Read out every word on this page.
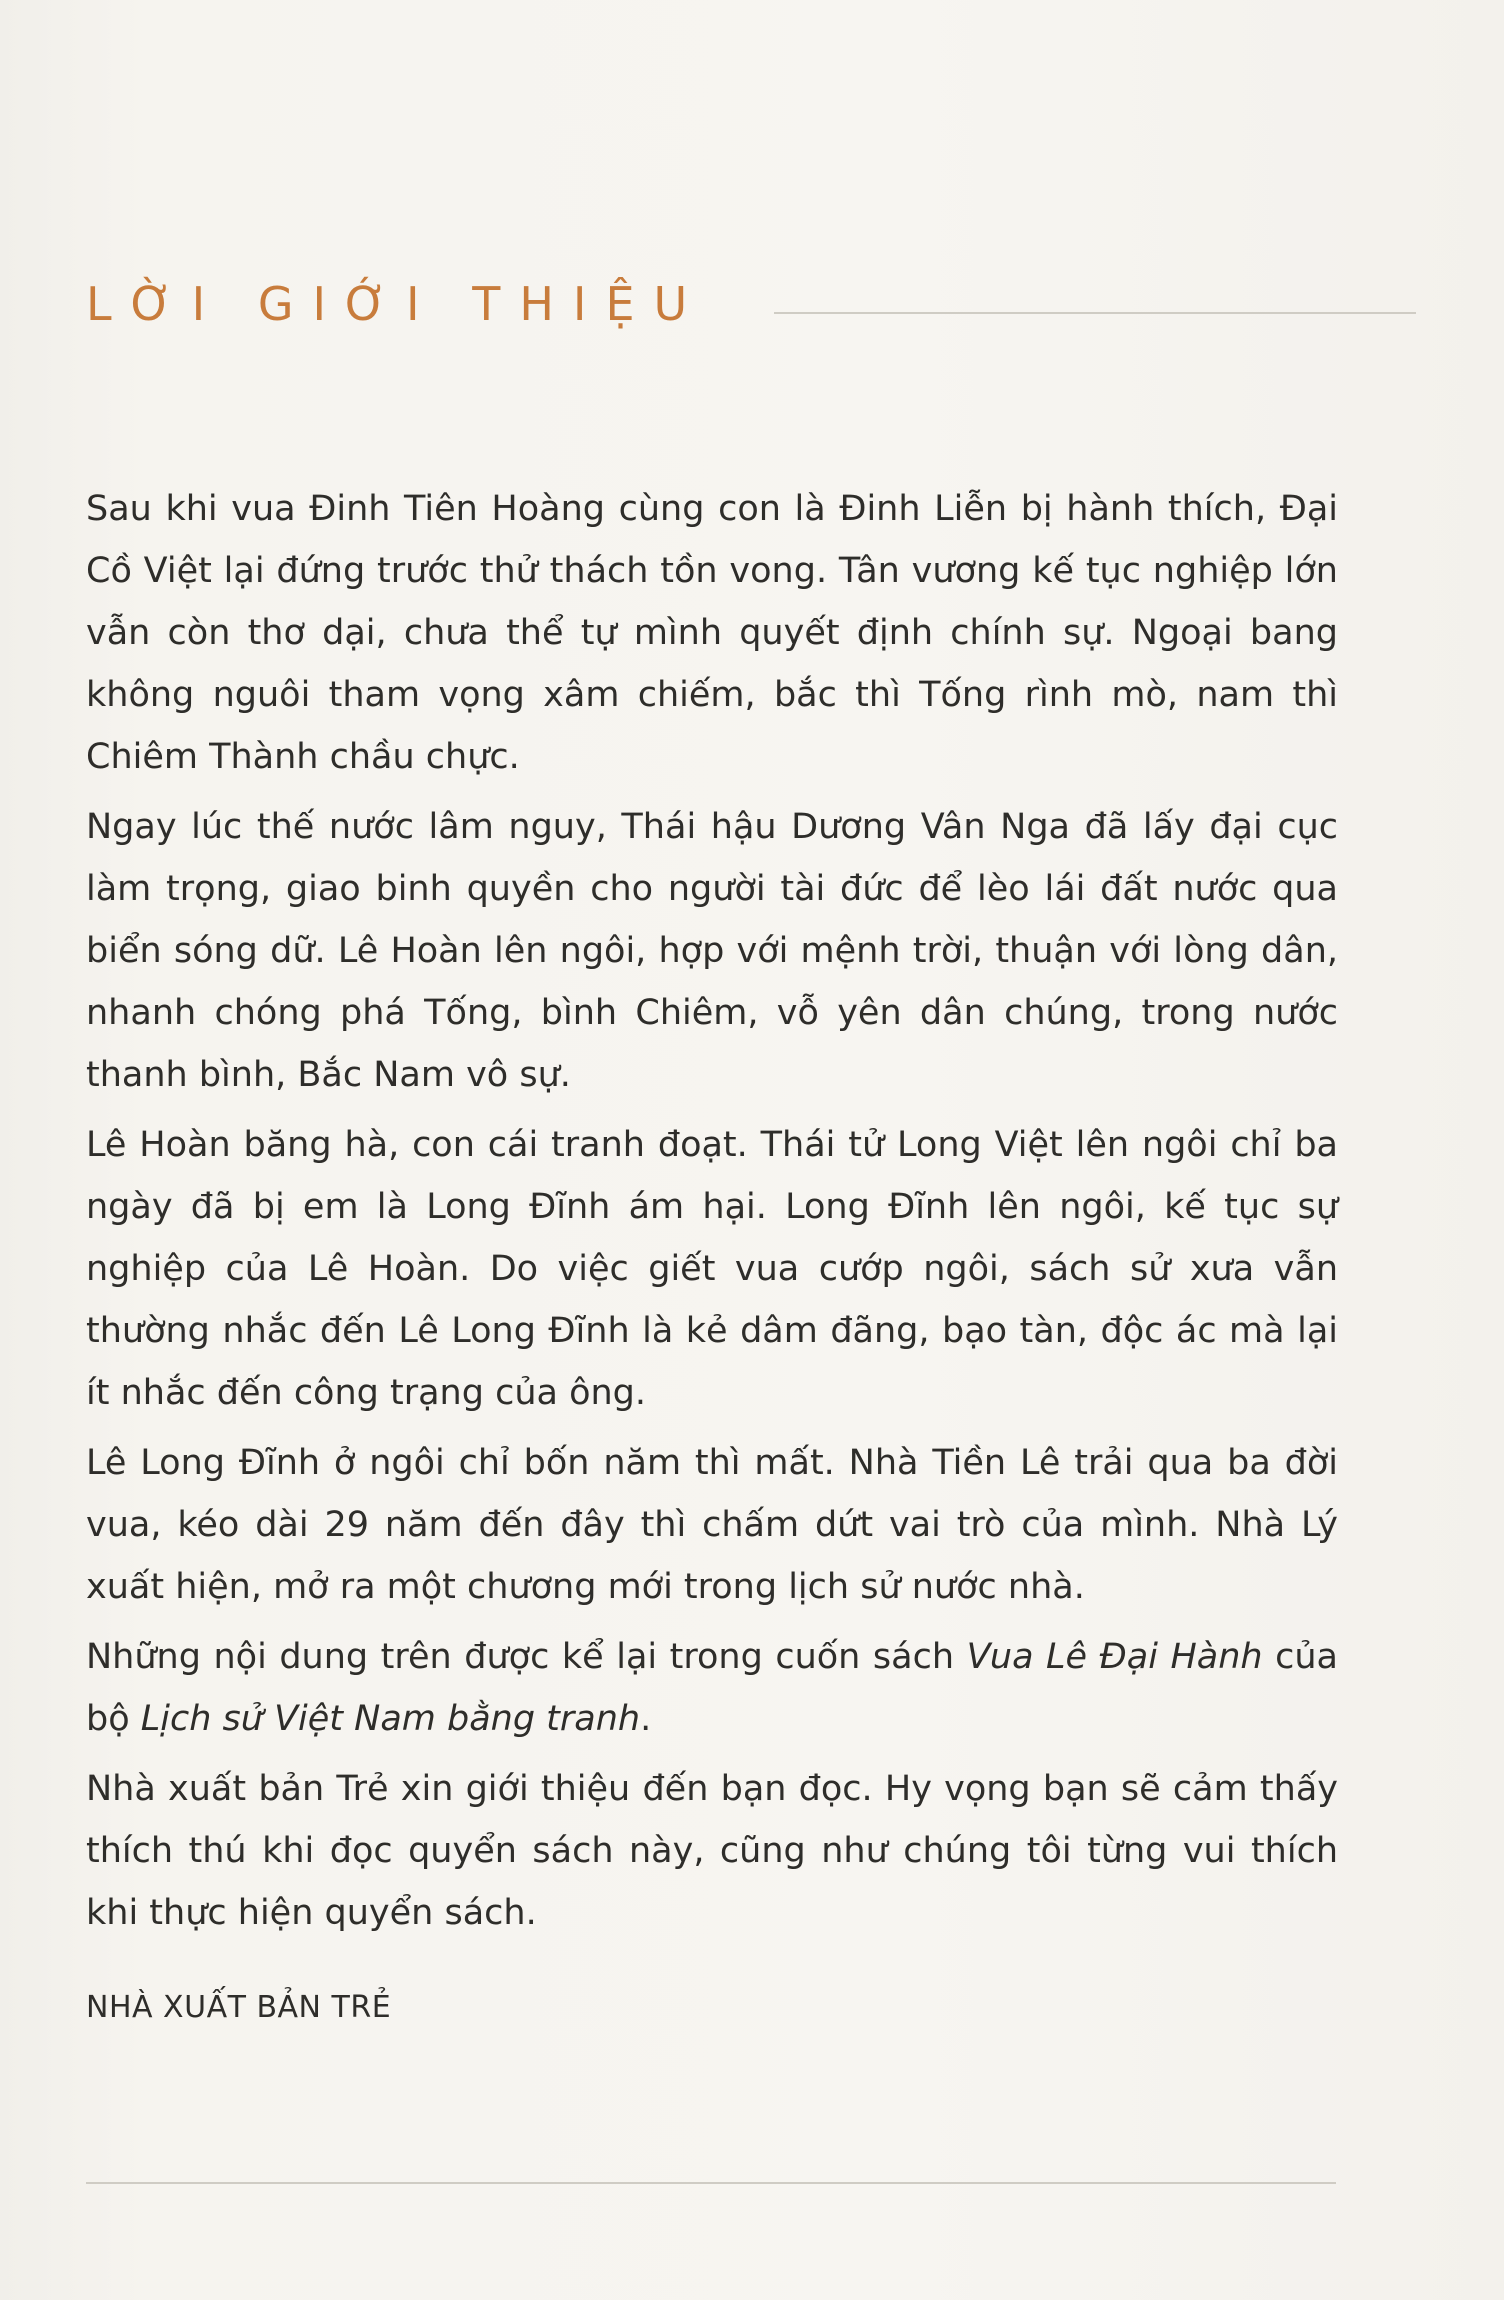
LỜI GIỚI THIỆU

Sau khi vua Đinh Tiên Hoàng cùng con là Đinh Liễn bị hành thích, Đại Cồ Việt lại đứng trước thử thách tồn vong. Tân vương kế tục nghiệp lớn vẫn còn thơ dại, chưa thể tự mình quyết định chính sự. Ngoại bang không nguôi tham vọng xâm chiếm, bắc thì Tống rình mò, nam thì Chiêm Thành chầu chực.

Ngay lúc thế nước lâm nguy, Thái hậu Dương Vân Nga đã lấy đại cục làm trọng, giao binh quyền cho người tài đức để lèo lái đất nước qua biển sóng dữ. Lê Hoàn lên ngôi, hợp với mệnh trời, thuận với lòng dân, nhanh chóng phá Tống, bình Chiêm, vỗ yên dân chúng, trong nước thanh bình, Bắc Nam vô sự.

Lê Hoàn băng hà, con cái tranh đoạt. Thái tử Long Việt lên ngôi chỉ ba ngày đã bị em là Long Đĩnh ám hại. Long Đĩnh lên ngôi, kế tục sự nghiệp của Lê Hoàn. Do việc giết vua cướp ngôi, sách sử xưa vẫn thường nhắc đến Lê Long Đĩnh là kẻ dâm đãng, bạo tàn, độc ác mà lại ít nhắc đến công trạng của ông.

Lê Long Đĩnh ở ngôi chỉ bốn năm thì mất. Nhà Tiền Lê trải qua ba đời vua, kéo dài 29 năm đến đây thì chấm dứt vai trò của mình. Nhà Lý xuất hiện, mở ra một chương mới trong lịch sử nước nhà.

Những nội dung trên được kể lại trong cuốn sách Vua Lê Đại Hành của bộ Lịch sử Việt Nam bằng tranh.

Nhà xuất bản Trẻ xin giới thiệu đến bạn đọc. Hy vọng bạn sẽ cảm thấy thích thú khi đọc quyển sách này, cũng như chúng tôi từng vui thích khi thực hiện quyển sách.

NHÀ XUẤT BẢN TRẺ
